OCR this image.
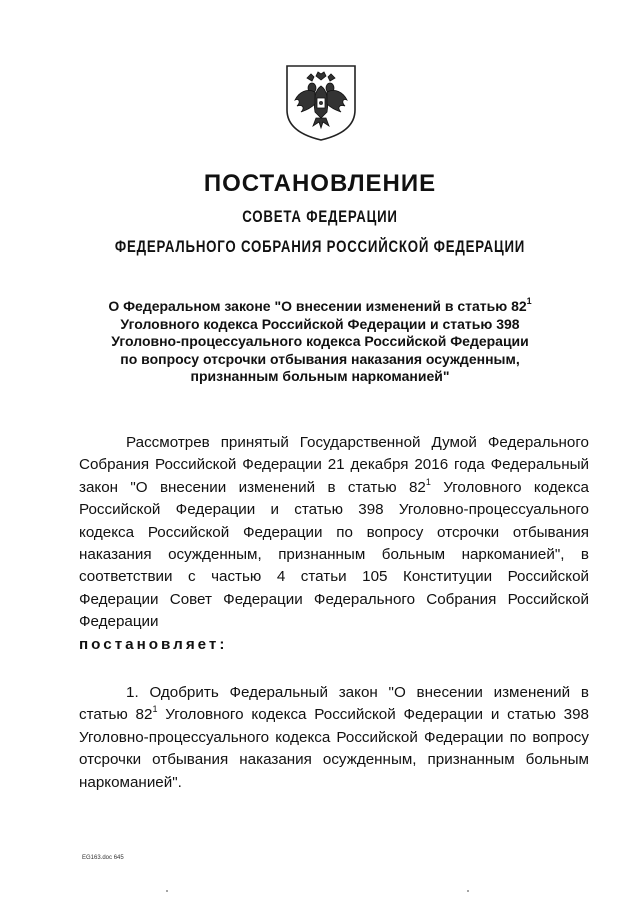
ПОСТАНОВЛЕНИЕ
СОВЕТА ФЕДЕРАЦИИ
ФЕДЕРАЛЬНОГО СОБРАНИЯ РОССИЙСКОЙ ФЕДЕРАЦИИ
О Федеральном законе "О внесении изменений в статью $82^1$
Уголовного кодекса Российской Федерации и статью 398
Уголовно-процессуального кодекса Российской Федерации
по вопросу отсрочки отбывания наказания осужденным,
признанным больным наркоманией"
Рассмотрев принятый Государственной Думой Федерального Собрания Российской Федерации 21 декабря 2016 года Федеральный закон "О внесении изменений в статью $82^1$ Уголовного кодекса Российской Федерации и статью 398 Уголовно-процессуального кодекса Российской Федерации по вопросу отсрочки отбывания наказания осужденным, признанным больным наркоманией", в соответствии с частью 4 статьи 105 Конституции Российской Федерации Совет Федерации Федерального Собрания Российской Федерации
постановляет:
1. Одобрить Федеральный закон "О внесении изменений в статью $82^1$ Уголовного кодекса Российской Федерации и статью 398 Уголовно-процессуального кодекса Российской Федерации по вопросу отсрочки отбывания наказания осужденным, признанным больным наркоманией".
ЕG163.doc 645
